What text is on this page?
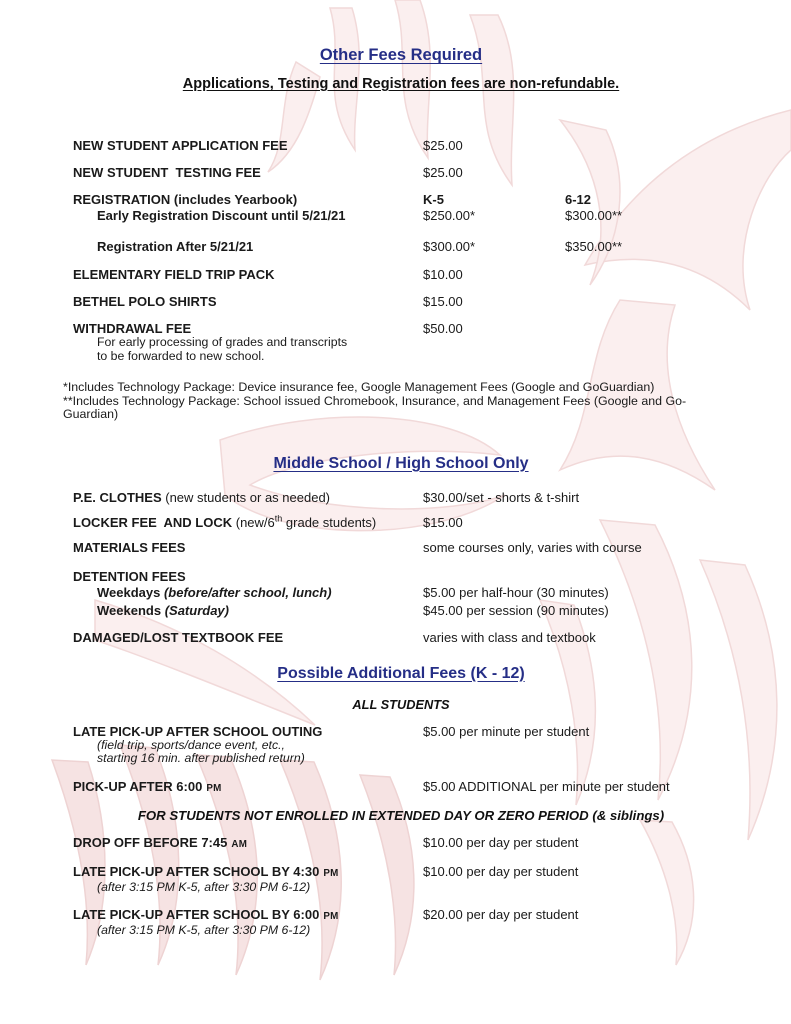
Other Fees Required
Applications, Testing and Registration fees are non-refundable.
NEW STUDENT APPLICATION FEE	$25.00
NEW STUDENT  TESTING FEE	$25.00
REGISTRATION (includes Yearbook)	K-5	6-12
Early Registration Discount until 5/21/21	$250.00*	$300.00**
Registration After 5/21/21	$300.00*	$350.00**
ELEMENTARY FIELD TRIP PACK	$10.00
BETHEL POLO SHIRTS	$15.00
WITHDRAWAL FEE	$50.00
For early processing of grades and transcripts
to be forwarded to new school.
*Includes Technology Package: Device insurance fee, Google Management Fees (Google and GoGuardian)
**Includes Technology Package: School issued Chromebook, Insurance, and Management Fees (Google and Go-Guardian)
Middle School / High School Only
P.E. CLOTHES (new students or as needed)	$30.00/set - shorts & t-shirt
LOCKER FEE  AND LOCK (new/6th grade students)	$15.00
MATERIALS FEES	some courses only, varies with course
DETENTION FEES
Weekdays (before/after school, lunch)	$5.00 per half-hour (30 minutes)
Weekends (Saturday)	$45.00 per session (90 minutes)
DAMAGED/LOST TEXTBOOK FEE	varies with class and textbook
Possible Additional Fees (K - 12)
ALL STUDENTS
LATE PICK-UP AFTER SCHOOL OUTING	$5.00 per minute per student
(field trip, sports/dance event, etc.,
starting 16 min. after published return)
PICK-UP AFTER 6:00 PM	$5.00 ADDITIONAL per minute per student
FOR STUDENTS NOT ENROLLED IN EXTENDED DAY OR ZERO PERIOD (& siblings)
DROP OFF BEFORE 7:45 AM	$10.00 per day per student
LATE PICK-UP AFTER SCHOOL BY 4:30 PM	$10.00 per day per student
(after 3:15 PM K-5, after 3:30 PM 6-12)
LATE PICK-UP AFTER SCHOOL BY 6:00 PM	$20.00 per day per student
(after 3:15 PM K-5, after 3:30 PM 6-12)
